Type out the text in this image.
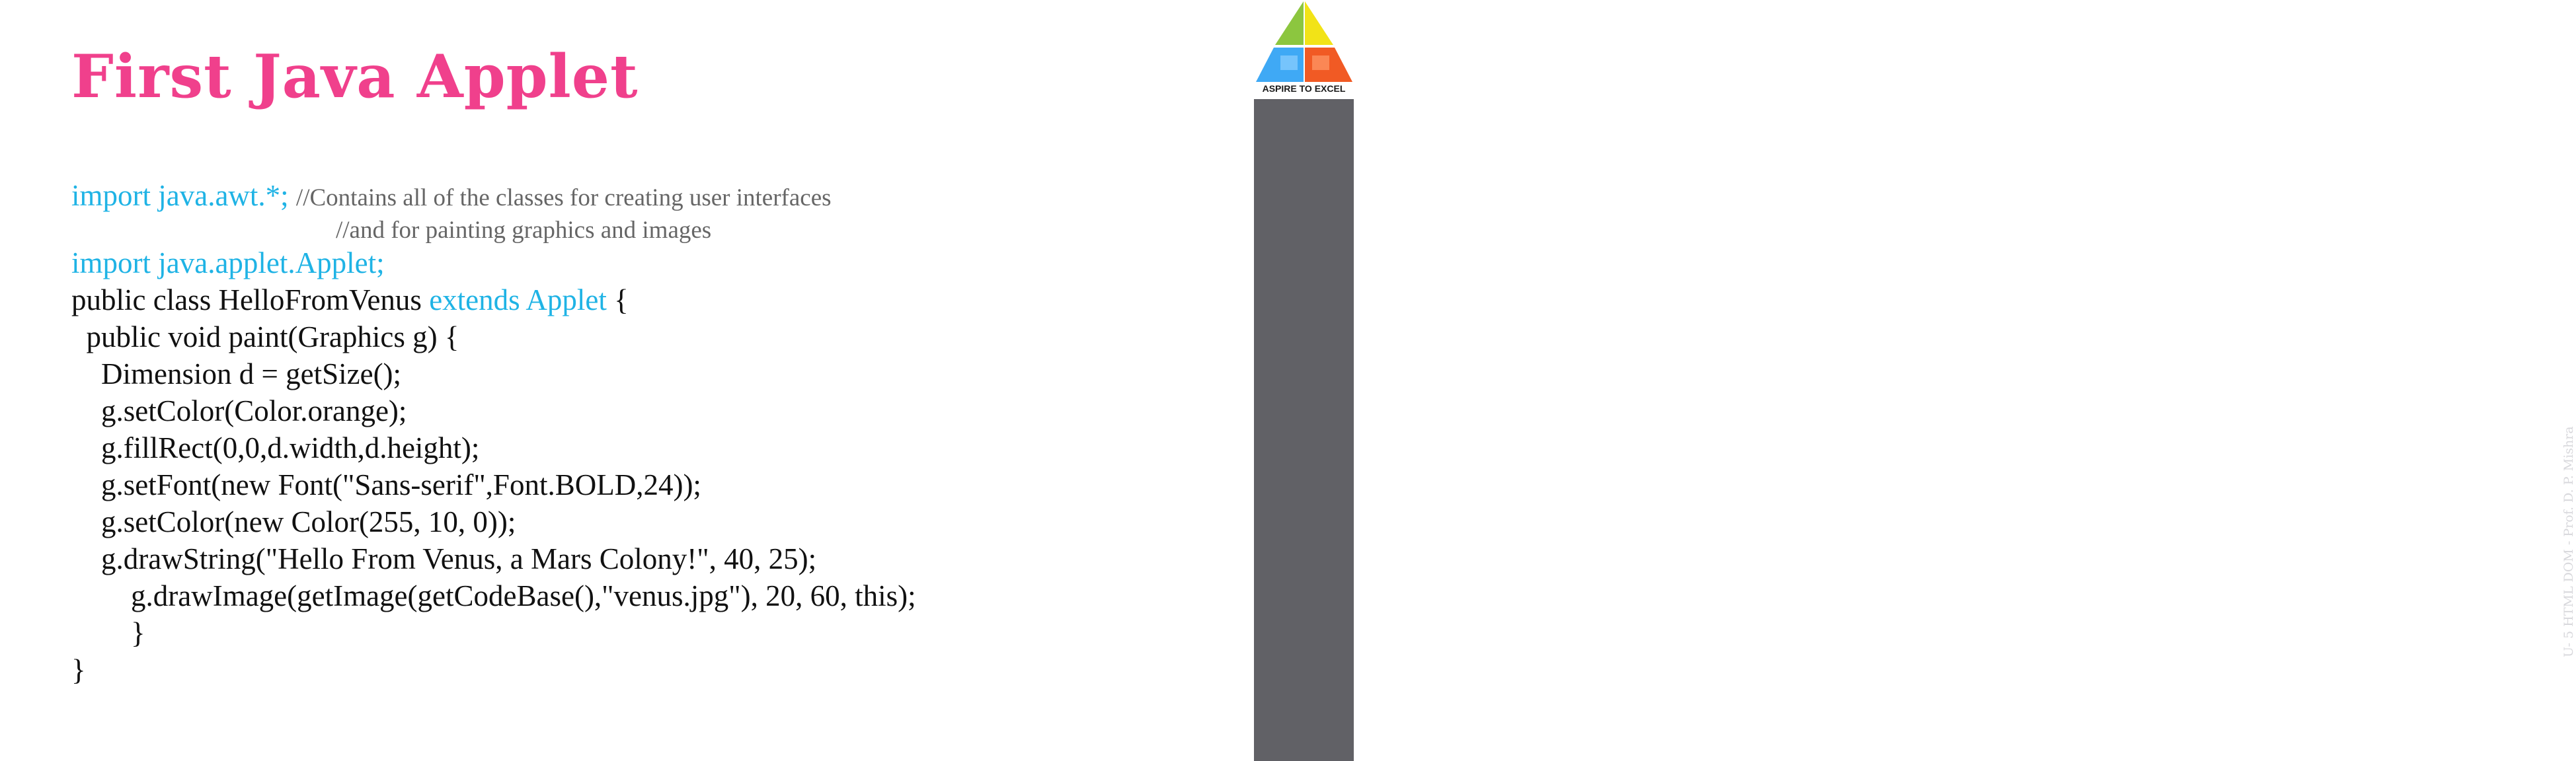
First Java Applet

import java.awt.*; //Contains all of the classes for creating user interfaces

//and for painting graphics and images

import java.applet.Applet;

public class HelloFromVenus extends Applet {

public void paint(Graphics g) {

Dimension d = getSize();

g.setColor(Color.orange);

g.fillRect(0,0,d.width,d.height);

g.setFont(new Font("Sans-serif",Font.BOLD,24));

g.setColor(new Color(255, 10, 0));

g.drawString("Hello From Venus, a Mars Colony!", 40, 25);

g.drawImage(getImage(getCodeBase(),"venus.jpg"), 20, 60, this);

}

}

ASPIRE TO EXCEL
U- 5 HTML DOM - Prof. D. P. Mishra
